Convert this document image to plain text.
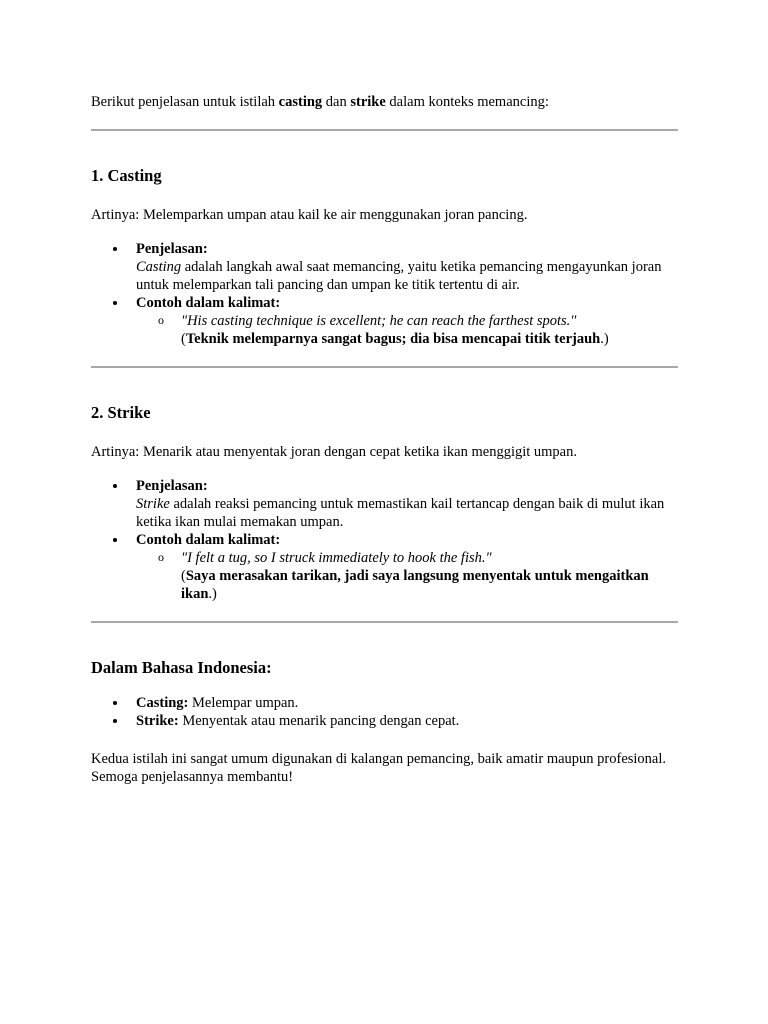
Berikut penjelasan untuk istilah casting dan strike dalam konteks memancing:

1. Casting

Artinya: Melemparkan umpan atau kail ke air menggunakan joran pancing.

Penjelasan:
Casting adalah langkah awal saat memancing, yaitu ketika pemancing mengayunkan joran untuk melemparkan tali pancing dan umpan ke titik tertentu di air.
Contoh dalam kalimat:
o "His casting technique is excellent; he can reach the farthest spots."
(Teknik melemparnya sangat bagus; dia bisa mencapai titik terjauh.)
2. Strike

Artinya: Menarik atau menyentak joran dengan cepat ketika ikan menggigit umpan.

Penjelasan:
Strike adalah reaksi pemancing untuk memastikan kail tertancap dengan baik di mulut ikan ketika ikan mulai memakan umpan.
Contoh dalam kalimat:
o "I felt a tug, so I struck immediately to hook the fish."
(Saya merasakan tarikan, jadi saya langsung menyentak untuk mengaitkan ikan.)
Dalam Bahasa Indonesia:
Casting: Melempar umpan.
Strike: Menyentak atau menarik pancing dengan cepat.

Kedua istilah ini sangat umum digunakan di kalangan pemancing, baik amatir maupun profesional. Semoga penjelasannya membantu!
